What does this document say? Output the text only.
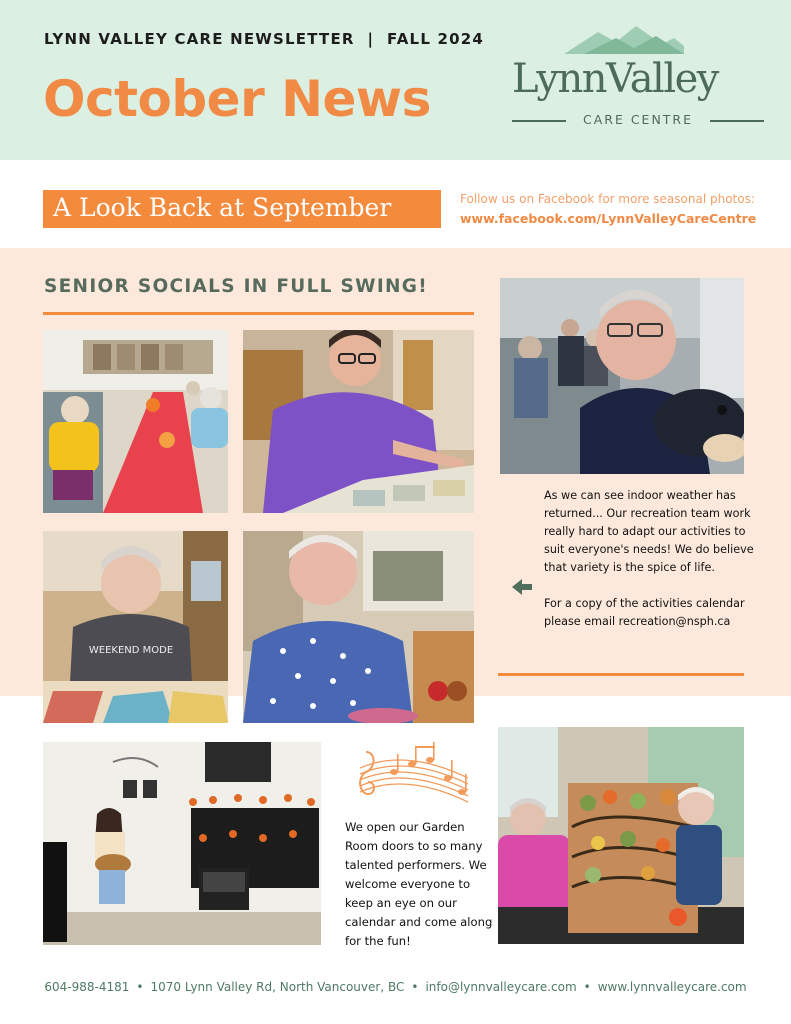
LYNN VALLEY CARE NEWSLETTER  |  FALL 2024
October News LynnValley
CARE CENTRE
A Look Back at September	Follow us on Facebook for more seasonal photos:
www.facebook.com/LynnValleyCareCentre
SENIOR SOCIALS IN FULL SWING!
WEEKEND MODE

As we can see indoor weather has returned... Our recreation team work really hard to adapt our activities to suit everyone's needs! We do believe that variety is the spice of life.

For a copy of the activities calendar please email recreation@nsph.ca

We open our Garden Room doors to so many talented performers. We welcome everyone to keep an eye on our calendar and come along for the fun!
604-988-4181 • 1070 Lynn Valley Rd, North Vancouver, BC • info@lynnvalleycare.com • www.lynnvalleycare.com
